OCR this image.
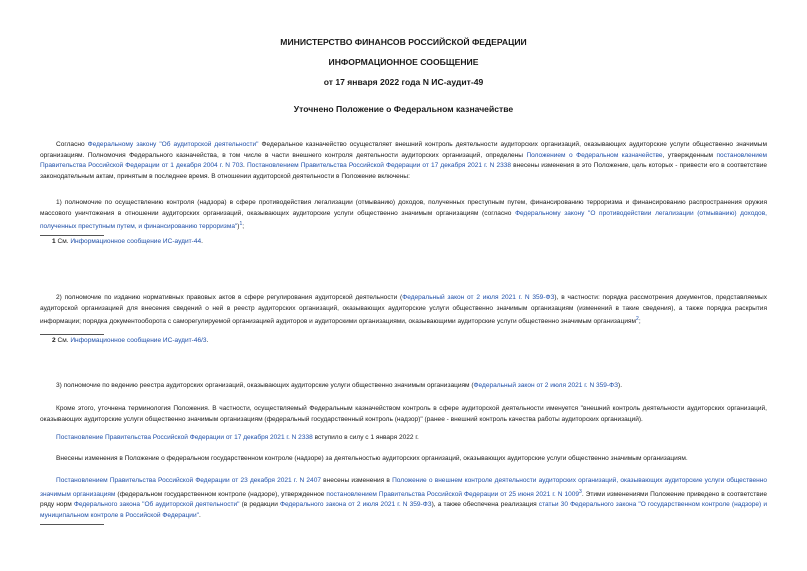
МИНИСТЕРСТВО ФИНАНСОВ РОССИЙСКОЙ ФЕДЕРАЦИИ
ИНФОРМАЦИОННОЕ СООБЩЕНИЕ
от 17 января 2022 года N ИС-аудит-49
Уточнено Положение о Федеральном казначействе
Согласно Федеральному закону "Об аудиторской деятельности" Федеральное казначейство осуществляет внешний контроль деятельности аудиторских организаций, оказывающих аудиторские услуги общественно значимым организациям. Полномочия Федерального казначейства, в том числе в части внешнего контроля деятельности аудиторских организаций, определены Положением о Федеральном казначействе, утвержденным постановлением Правительства Российской Федерации от 1 декабря 2004 г. N 703. Постановлением Правительства Российской Федерации от 17 декабря 2021 г. N 2338 внесены изменения в это Положение, цель которых - привести его в соответствие законодательным актам, принятым в последнее время. В отношении аудиторской деятельности в Положение включены:
1) полномочие по осуществлению контроля (надзора) в сфере противодействия легализации (отмыванию) доходов, полученных преступным путем, финансированию терроризма и финансированию распространения оружия массового уничтожения в отношении аудиторских организаций, оказывающих аудиторские услуги общественно значимым организациям (согласно Федеральному закону "О противодействии легализации (отмыванию) доходов, полученных преступным путем, и финансированию терроризма")$^1$;
1 См. Информационное сообщение ИС-аудит-44.
2) полномочие по изданию нормативных правовых актов в сфере регулирования аудиторской деятельности (Федеральный закон от 2 июля 2021 г. N 359-ФЗ), в частности: порядка рассмотрения документов, представляемых аудиторской организацией для внесения сведений о ней в реестр аудиторских организаций, оказывающих аудиторские услуги общественно значимым организациям (изменений в такие сведения), а также порядка раскрытия информации; порядка документооборота с саморегулируемой организацией аудиторов и аудиторскими организациями, оказывающими аудиторские услуги общественно значимым организациям$^2$;
2 См. Информационное сообщение ИС-аудит-46/3.
3) полномочие по ведению реестра аудиторских организаций, оказывающих аудиторские услуги общественно значимым организациям (Федеральный закон от 2 июля 2021 г. N 359-ФЗ).
Кроме этого, уточнена терминология Положения. В частности, осуществляемый Федеральным казначейством контроль в сфере аудиторской деятельности именуется "внешний контроль деятельности аудиторских организаций, оказывающих аудиторские услуги общественно значимым организациям (федеральный государственный контроль (надзор)" (ранее - внешний контроль качества работы аудиторских организаций).
Постановление Правительства Российской Федерации от 17 декабря 2021 г. N 2338 вступило в силу с 1 января 2022 г.
Внесены изменения в Положение о федеральном государственном контроле (надзоре) за деятельностью аудиторских организаций, оказывающих аудиторские услуги общественно значимым организациям.
Постановлением Правительства Российской Федерации от 23 декабря 2021 г. N 2407 внесены изменения в Положение о внешнем контроле деятельности аудиторских организаций, оказывающих аудиторские услуги общественно значимым организациям (федеральном государственном контроле (надзоре), утвержденное постановлением Правительства Российской Федерации от 25 июня 2021 г. N 1009$^3$. Этими изменениями Положение приведено в соответствие ряду норм Федерального закона "Об аудиторской деятельности" (в редакции Федерального закона от 2 июля 2021 г. N 359-ФЗ), а также обеспечена реализация статьи 30 Федерального закона "О государственном контроле (надзоре) и муниципальном контроле в Российской Федерации".
